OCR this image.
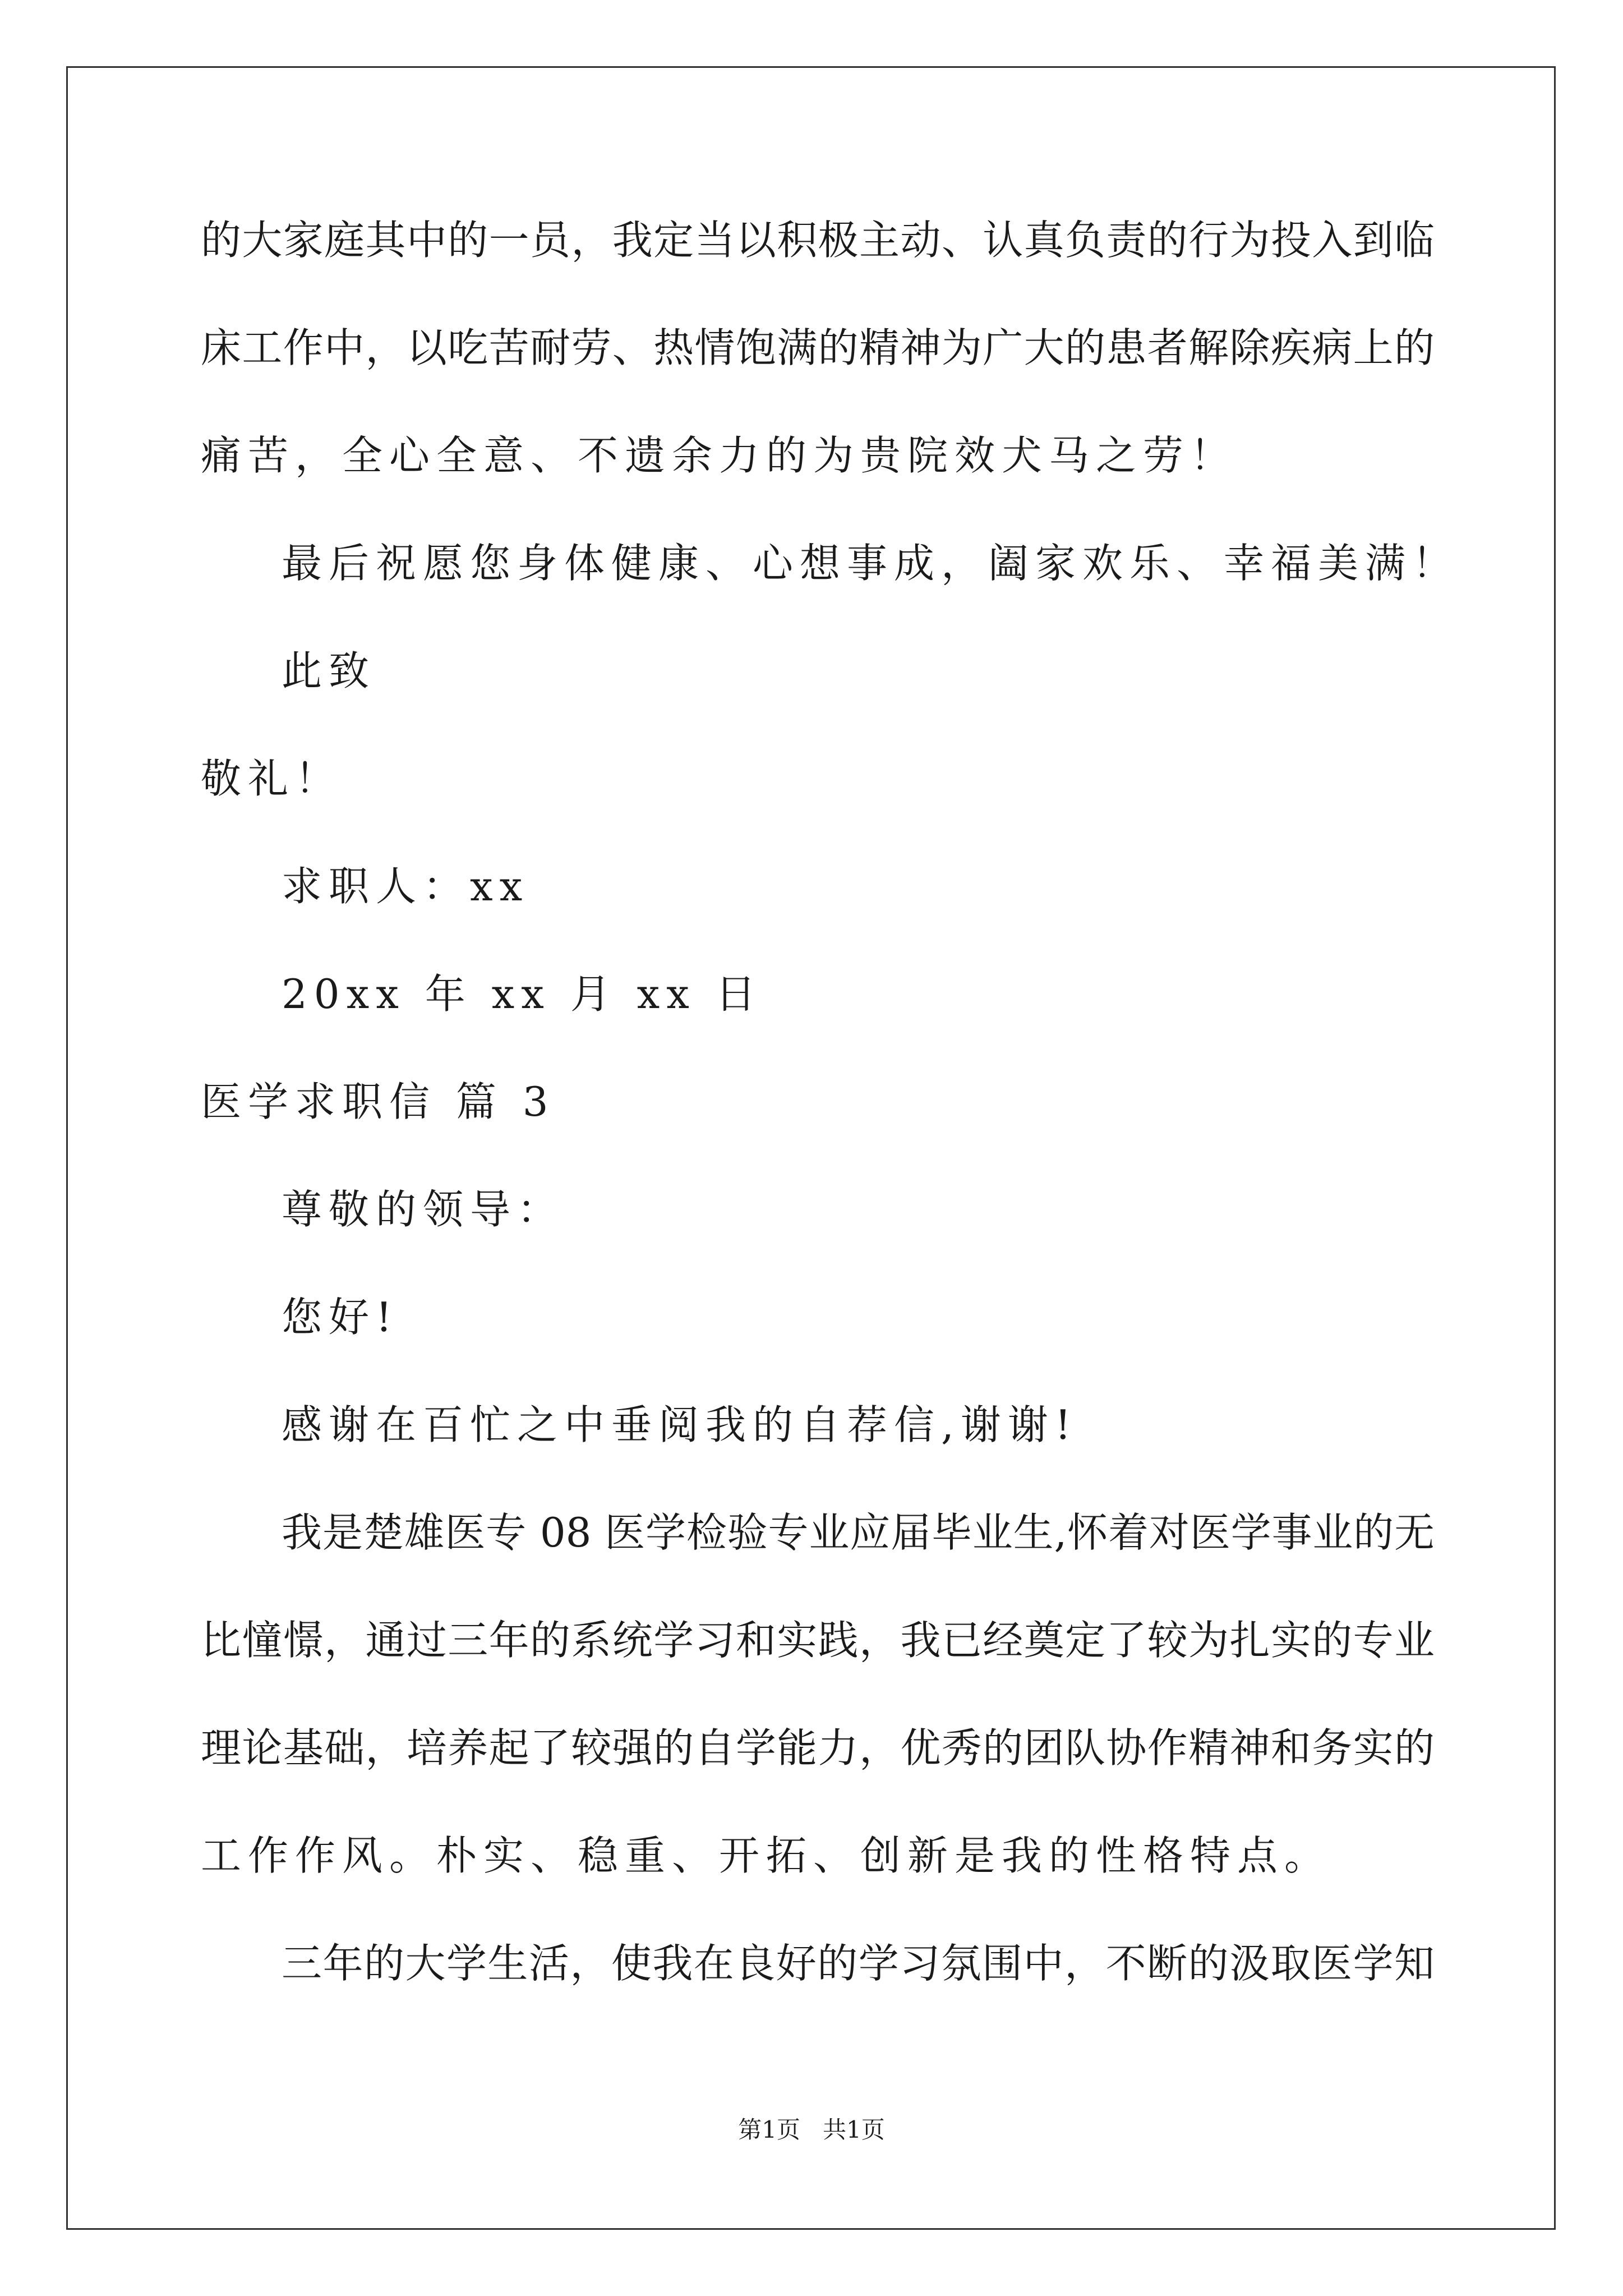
的大家庭其中的一员，我定当以积极主动、认真负责的行为投入到临
床工作中，以吃苦耐劳、热情饱满的精神为广大的患者解除疾病上的
痛苦，全心全意、不遗余力的为贵院效犬马之劳！
最后祝愿您身体健康、心想事成，阖家欢乐、幸福美满！
此致
敬礼！
求职人：xx
20xx 年 xx 月 xx 日
医学求职信 篇 3
尊敬的领导：
您好!
感谢在百忙之中垂阅我的自荐信,谢谢!
我是楚雄医专 08 医学检验专业应届毕业生,怀着对医学事业的无
比憧憬，通过三年的系统学习和实践，我已经奠定了较为扎实的专业
理论基础，培养起了较强的自学能力，优秀的团队协作精神和务实的
工作作风。朴实、稳重、开拓、创新是我的性格特点。
三年的大学生活，使我在良好的学习氛围中，不断的汲取医学知
第1页   共1页
